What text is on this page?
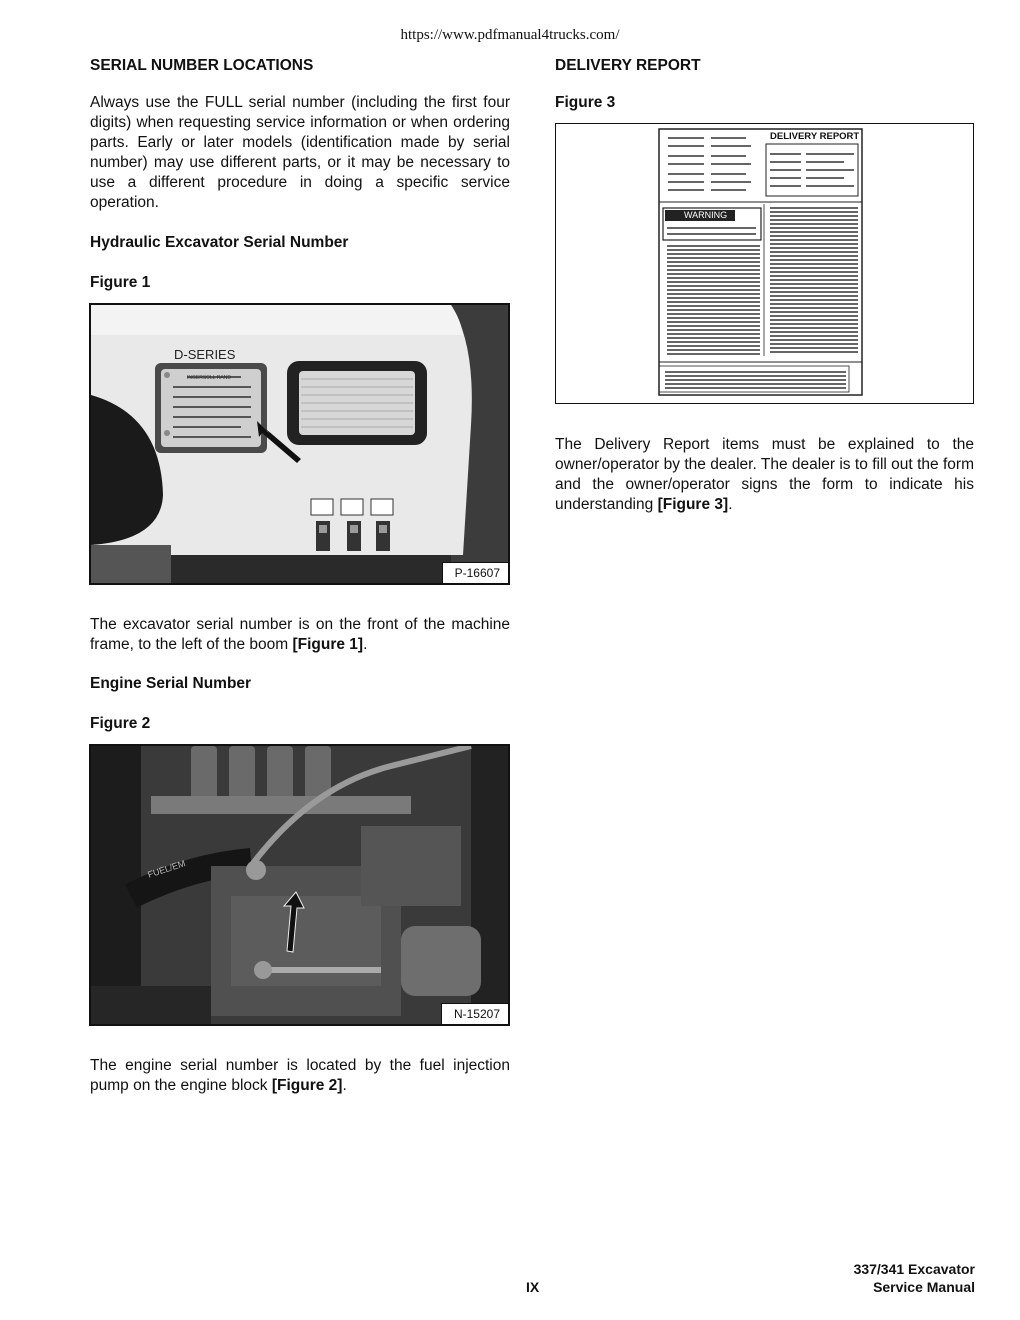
https://www.pdfmanual4trucks.com/
SERIAL NUMBER LOCATIONS
Always use the FULL serial number (including the first four digits) when requesting service information or when ordering parts. Early or later models (identification made by serial number) may use different parts, or it may be necessary to use a different procedure in doing a specific service operation.
Hydraulic Excavator Serial Number
Figure 1
D-SERIES
INGERSOLL RAND
P-16607
The excavator serial number is on the front of the machine frame, to the left of the boom [Figure 1].
Engine Serial Number
Figure 2
FUEL/EM
N-15207
The engine serial number is located by the fuel injection pump on the engine block [Figure 2].
DELIVERY REPORT
Figure 3
DELIVERY REPORT
WARNING
The Delivery Report items must be explained to the owner/operator by the dealer. The dealer is to fill out the form and the owner/operator signs the form to indicate his understanding [Figure 3].
IX
337/341 Excavator
Service Manual
